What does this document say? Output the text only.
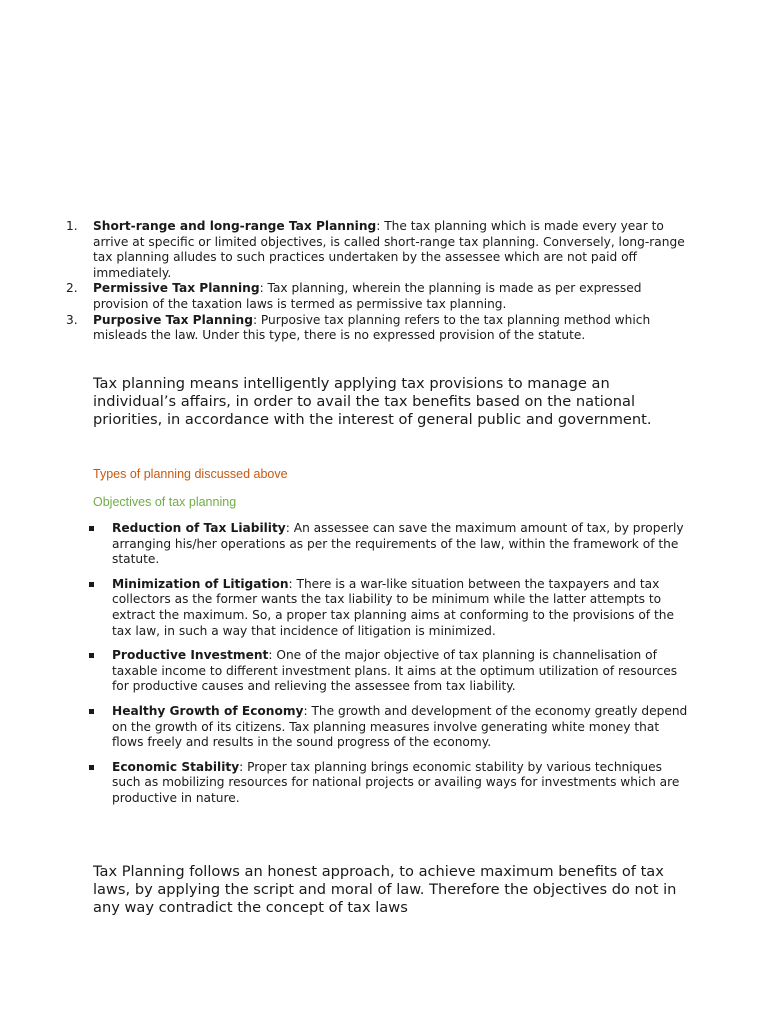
1. Short-range and long-range Tax Planning: The tax planning which is made every year to arrive at specific or limited objectives, is called short-range tax planning. Conversely, long-range tax planning alludes to such practices undertaken by the assessee which are not paid off immediately.
2. Permissive Tax Planning: Tax planning, wherein the planning is made as per expressed provision of the taxation laws is termed as permissive tax planning.
3. Purposive Tax Planning: Purposive tax planning refers to the tax planning method which misleads the law. Under this type, there is no expressed provision of the statute.

Tax planning means intelligently applying tax provisions to manage an individual’s affairs, in order to avail the tax benefits based on the national priorities, in accordance with the interest of general public and government.

Types of planning discussed above

Objectives of tax planning

Reduction of Tax Liability: An assessee can save the maximum amount of tax, by properly arranging his/her operations as per the requirements of the law, within the framework of the statute.
Minimization of Litigation: There is a war-like situation between the taxpayers and tax collectors as the former wants the tax liability to be minimum while the latter attempts to extract the maximum. So, a proper tax planning aims at conforming to the provisions of the tax law, in such a way that incidence of litigation is minimized.
Productive Investment: One of the major objective of tax planning is channelisation of taxable income to different investment plans. It aims at the optimum utilization of resources for productive causes and relieving the assessee from tax liability.
Healthy Growth of Economy: The growth and development of the economy greatly depend on the growth of its citizens. Tax planning measures involve generating white money that flows freely and results in the sound progress of the economy.
Economic Stability: Proper tax planning brings economic stability by various techniques such as mobilizing resources for national projects or availing ways for investments which are productive in nature.

Tax Planning follows an honest approach, to achieve maximum benefits of tax laws, by applying the script and moral of law. Therefore the objectives do not in any way contradict the concept of tax laws
